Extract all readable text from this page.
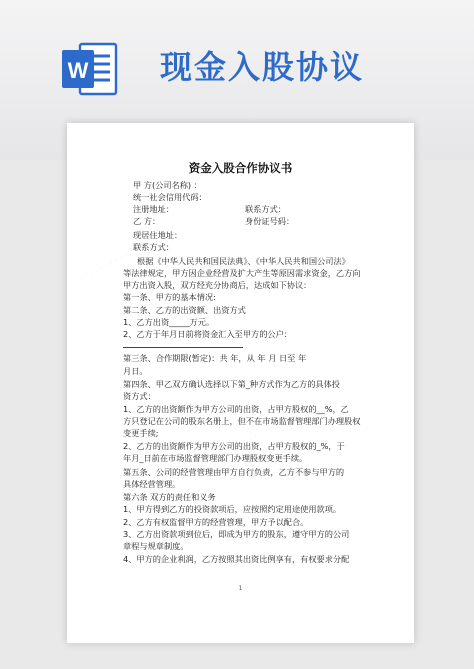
W 现金入股协议
· · · · · · · · · ·
· · · · · · · · · ·
资金入股合作协议书
甲 方(公司名称) ：
统一社会信用代码：
注册地址：	联系方式：
乙 方：	身份证号码：
现居住地址：
联系方式：
根据《中华人民共和国民法典》、《中华人民共和国公司法》
等法律规定，甲方因企业经营及扩大产生等原因需求资金，乙方向
甲方出资入股，双方经充分协商后，达成如下协议：
第一条、甲方的基本情况:
第二条、乙方的出资额、出资方式
1、乙方出资_____万元。
2、乙方于年月日前将资金汇入至甲方的公户：
第三条、合作期限(暂定)：共 年，从 年 月 日至 年
月日。
第四条、甲乙双方确认选择以下第_种方式作为乙方的具体投
资方式：
1、乙方的出资额作为甲方公司的出资，占甲方股权的__%，乙
方只登记在公司的股东名册上，但不在市场监督管理部门办理股权
变更手续;
2、乙方的出资额作为甲方公司的出资，占甲方股权的_%，于
年月_日前在市场监督管理部门办理股权变更手续。
第五条、公司的经营管理由甲方自行负责，乙方不参与甲方的
具体经营管理。
第六条 双方的责任和义务
1、甲方得到乙方的投资款项后，应按照约定用途使用款项。
2、乙方有权监督甲方的经营管理，甲方予以配合。
3、乙方出资款项到位后，即成为甲方的股东，遵守甲方的公司
章程与规章制度。
4、甲方的企业利润，乙方按照其出资比例享有，有权要求分配
1
